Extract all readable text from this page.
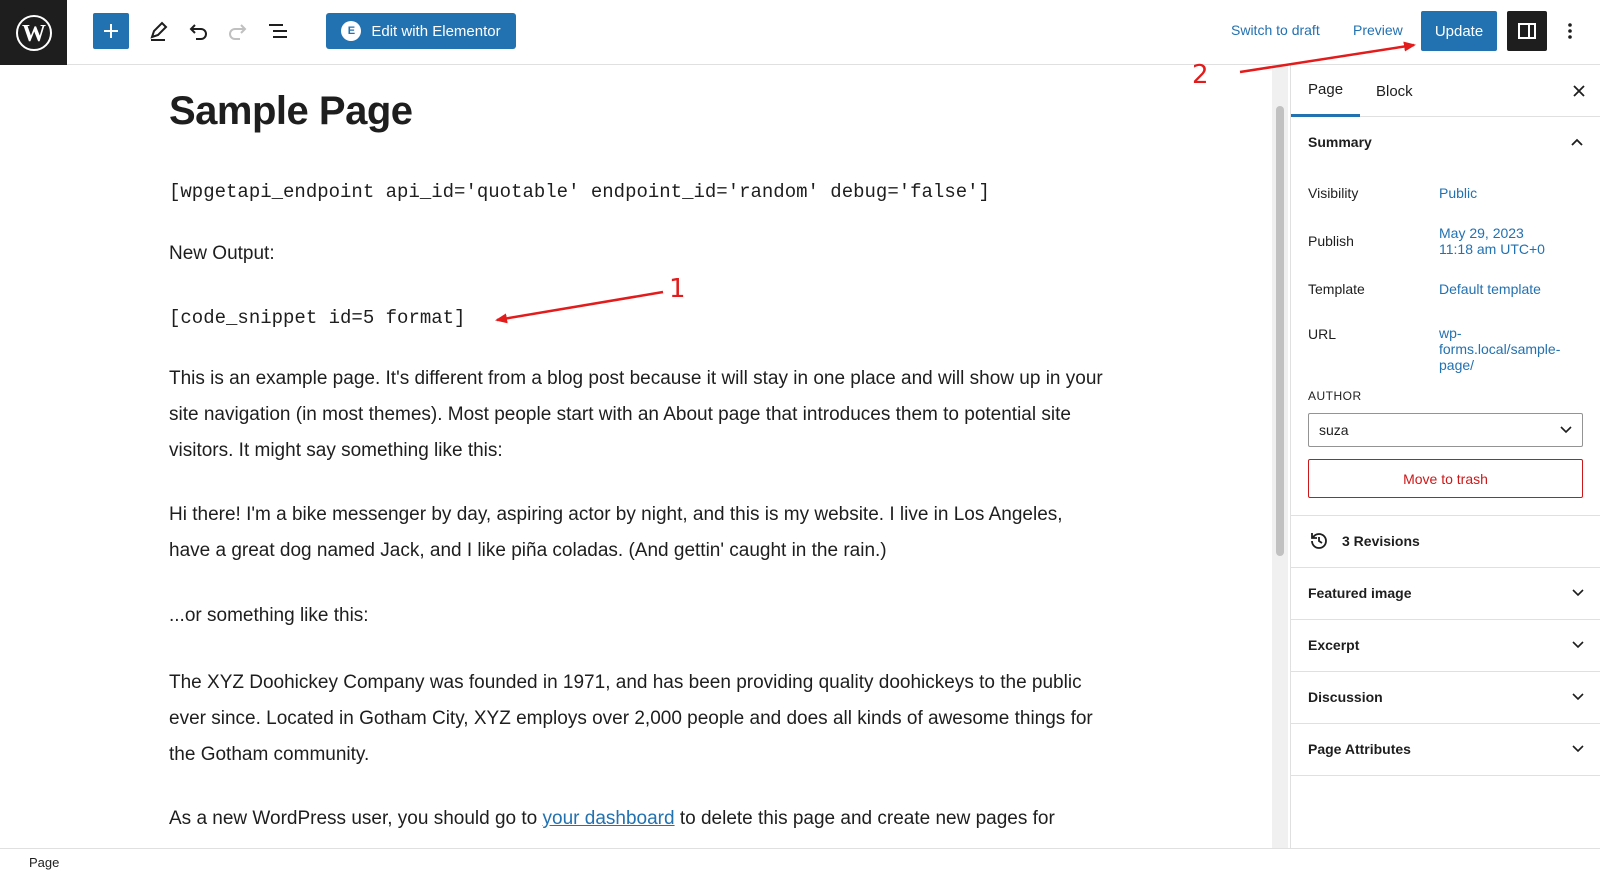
W	E	Edit with Elementor	Switch to draft Preview	Update
Sample Page
[wpgetapi_endpoint api_id='quotable' endpoint_id='random' debug='false']
New Output:
[code_snippet id=5 format]
This is an example page. It's different from a blog post because it will stay in one place and will show up in your site navigation (in most themes). Most people start with an About page that introduces them to potential site visitors. It might say something like this:
Hi there! I'm a bike messenger by day, aspiring actor by night, and this is my website. I live in Los Angeles, have a great dog named Jack, and I like piña coladas. (And gettin' caught in the rain.)
...or something like this:
The XYZ Doohickey Company was founded in 1971, and has been providing quality doohickeys to the public ever since. Located in Gotham City, XYZ employs over 2,000 people and does all kinds of awesome things for the Gotham community.
As a new WordPress user, you should go to your dashboard to delete this page and create new pages for
Page	Block
Summary
Visibility	Public
Publish	May 29, 2023
11:18 am UTC+0
Template	Default template
URL	wp-
forms.local/sample-
page/
AUTHOR
suza
Move to trash
3 Revisions
Featured image
Excerpt
Discussion
Page Attributes
Page
1
2
